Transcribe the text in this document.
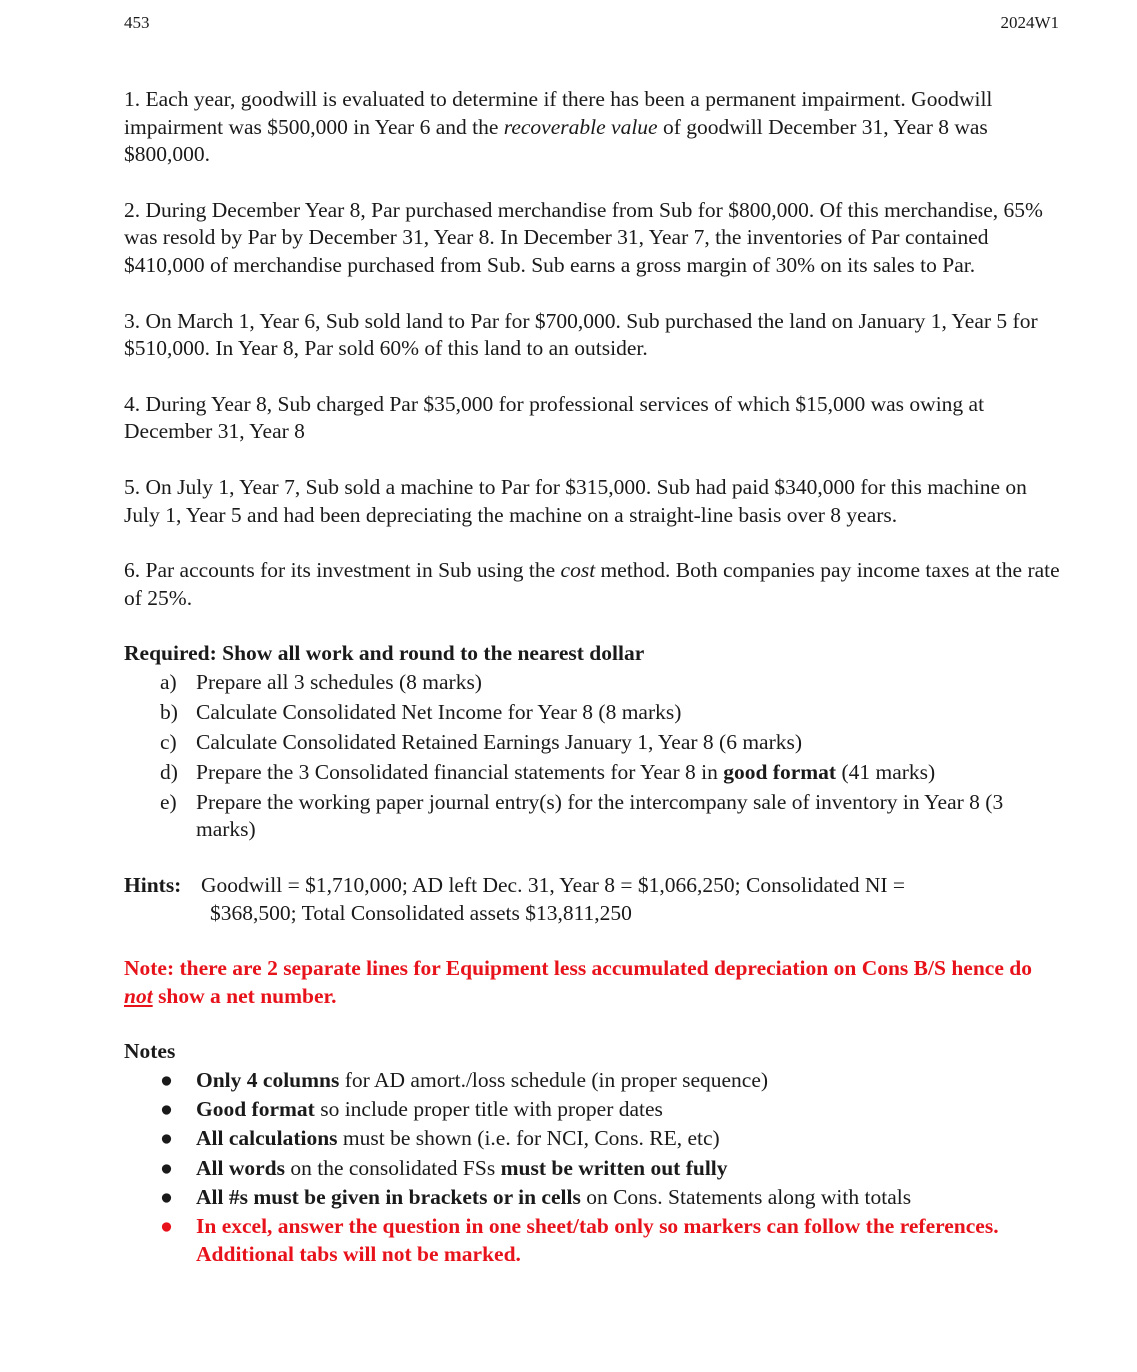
453	2024W1

1. Each year, goodwill is evaluated to determine if there has been a permanent impairment. Goodwill impairment was $500,000 in Year 6 and the recoverable value of goodwill December 31, Year 8 was $800,000.

2. During December Year 8, Par purchased merchandise from Sub for $800,000. Of this merchandise, 65% was resold by Par by December 31, Year 8. In December 31, Year 7, the inventories of Par contained $410,000 of merchandise purchased from Sub. Sub earns a gross margin of 30% on its sales to Par.

3. On March 1, Year 6, Sub sold land to Par for $700,000. Sub purchased the land on January 1, Year 5 for $510,000. In Year 8, Par sold 60% of this land to an outsider.

4. During Year 8, Sub charged Par $35,000 for professional services of which $15,000 was owing at December 31, Year 8

5. On July 1, Year 7, Sub sold a machine to Par for $315,000. Sub had paid $340,000 for this machine on July 1, Year 5 and had been depreciating the machine on a straight-line basis over 8 years.

6. Par accounts for its investment in Sub using the cost method. Both companies pay income taxes at the rate of 25%.

Required: Show all work and round to the nearest dollar

a) Prepare all 3 schedules (8 marks)
b) Calculate Consolidated Net Income for Year 8 (8 marks)
c) Calculate Consolidated Retained Earnings January 1, Year 8 (6 marks)
d) Prepare the 3 Consolidated financial statements for Year 8 in good format (41 marks)
e) Prepare the working paper journal entry(s) for the intercompany sale of inventory in Year 8 (3 marks)
Hints: Goodwill = $1,710,000; AD left Dec. 31, Year 8 = $1,066,250; Consolidated NI =
$368,500; Total Consolidated assets $13,811,250

Note: there are 2 separate lines for Equipment less accumulated depreciation on Cons B/S hence do not show a net number.

Notes
●	Only 4 columns for AD amort./loss schedule (in proper sequence)
●	Good format so include proper title with proper dates
●	All calculations must be shown (i.e. for NCI, Cons. RE, etc)
●	All words on the consolidated FSs must be written out fully
●	All #s must be given in brackets or in cells on Cons. Statements along with totals
●	In excel, answer the question in one sheet/tab only so markers can follow the references. Additional tabs will not be marked.
